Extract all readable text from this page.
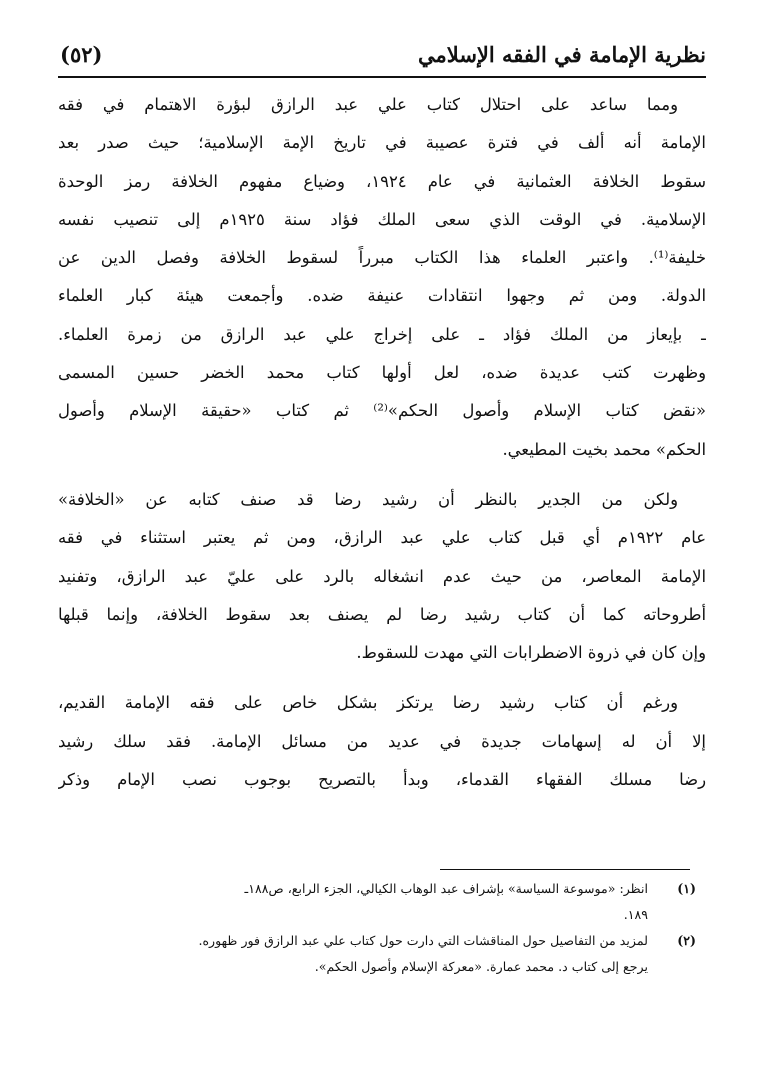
نظرية الإمامة في الفقه الإسلامي
(٥٢)
ومما ساعد على احتلال كتاب علي عبد الرازق لبؤرة الاهتمام في فقه
الإمامة أنه ألف في فترة عصيبة في تاريخ الإمة الإسلامية؛ حيث صدر بعد
سقوط الخلافة العثمانية في عام ١٩٢٤، وضياع مفهوم الخلافة رمز الوحدة
الإسلامية. في الوقت الذي سعى الملك فؤاد سنة ١٩٢٥م إلى تنصيب نفسه
خليفة⁽¹⁾. واعتبر العلماء هذا الكتاب مبرراً لسقوط الخلافة وفصل الدين عن
الدولة. ومن ثم وجهوا انتقادات عنيفة ضده. وأجمعت هيئة كبار العلماء
ـ بإيعاز من الملك فؤاد ـ على إخراج علي عبد الرازق من زمرة العلماء.
وظهرت كتب عديدة ضده، لعل أولها كتاب محمد الخضر حسين المسمى
«نقض كتاب الإسلام وأصول الحكم»⁽²⁾ ثم كتاب «حقيقة الإسلام وأصول
الحكم» محمد بخيت المطيعي.
ولكن من الجدير بالنظر أن رشيد رضا قد صنف كتابه عن «الخلافة»
عام ١٩٢٢م أي قبل كتاب علي عبد الرازق، ومن ثم يعتبر استثناء في فقه
الإمامة المعاصر، من حيث عدم انشغاله بالرد على عليّ عبد الرازق، وتفنيد
أطروحاته كما أن كتاب رشيد رضا لم يصنف بعد سقوط الخلافة، وإنما قبلها
وإن كان في ذروة الاضطرابات التي مهدت للسقوط.
ورغم أن كتاب رشيد رضا يرتكز بشكل خاص على فقه الإمامة القديم،
إلا أن له إسهامات جديدة في عديد من مسائل الإمامة. فقد سلك رشيد
رضا مسلك الفقهاء القدماء، وبدأ بالتصريح بوجوب نصب الإمام وذكر
(١)
انظر: «موسوعة السياسة» بإشراف عبد الوهاب الكيالي، الجزء الرابع، ص١٨٨ـ
١٨٩.
(٢)
لمزيد من التفاصيل حول المناقشات التي دارت حول كتاب علي عبد الرازق فور ظهوره.
يرجع إلى كتاب د. محمد عمارة. «معركة الإسلام وأصول الحكم».
